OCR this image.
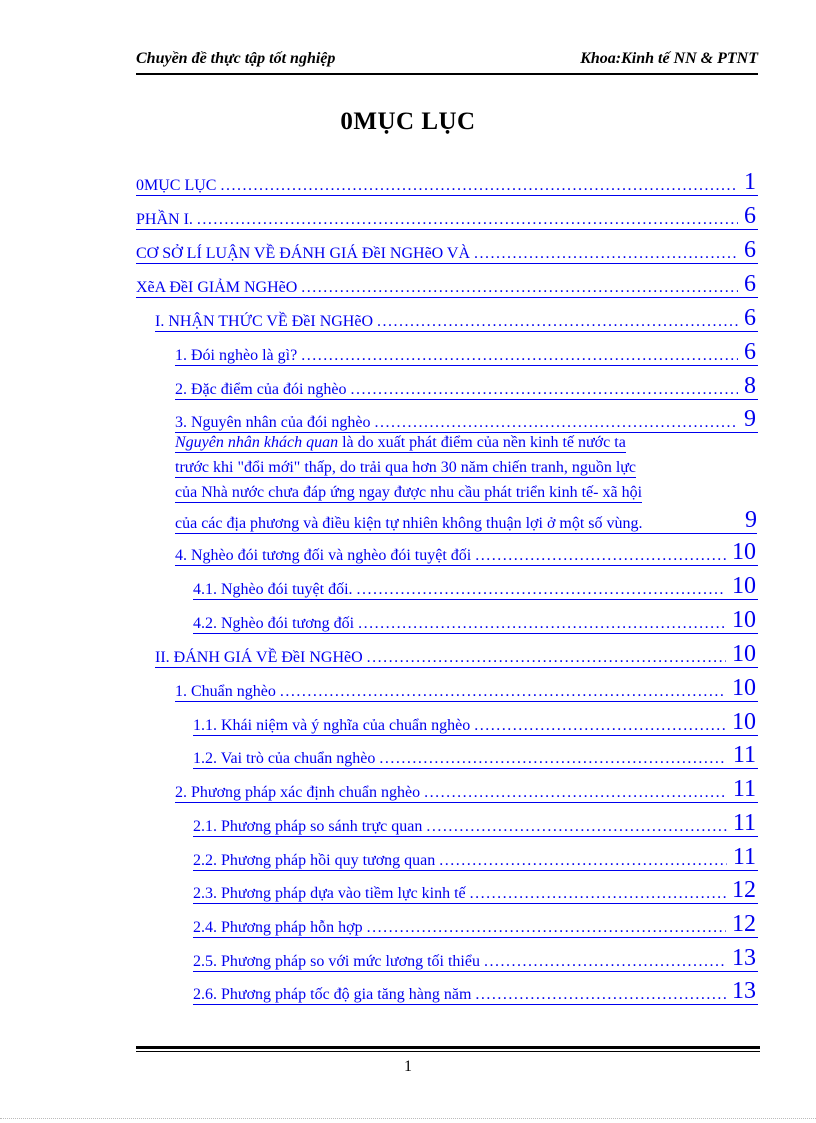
Chuyền đề thực tập tốt nghiệp	Khoa:Kinh tế NN & PTNT
0MỤC LỤC
0MỤC LỤC .....	1
PHẦN I. .....	6
CƠ SỞ LÍ LUẬN VỀ ĐÁNH GIÁ ĐềI NGHẽO VÀ .....	6
XẽA ĐềI GIẢM NGHẽO .....	6
I. NHẬN THỨC VỀ ĐềI NGHẽO .....	6
1. Đói nghèo là gì? .....	6
2. Đặc điểm của đói nghèo .....	8
3. Nguyên nhân của đói nghèo .....	9
Nguyên nhân khách quan là do xuất phát điểm của nền kinh tế nước ta
trước khi "đổi mới" thấp, do trải qua hơn 30 năm chiến tranh, nguồn lực
của Nhà nước chưa đáp ứng ngay được nhu cầu phát triển kinh tế- xã hội
của các địa phương và điều kiện tự nhiên không thuận lợi ở một số vùng.	9
4. Nghèo đói tương đối và nghèo đói tuyệt đối .....	10
4.1. Nghèo đói tuyệt đối. .....	10
4.2. Nghèo đói tương đối .....	10
II. ĐÁNH GIÁ VỀ ĐềI NGHẽO .....	10
1. Chuẩn nghèo .....	10
1.1. Khái niệm và ý nghĩa của chuẩn nghèo .....	10
1.2. Vai trò của chuẩn nghèo .....	11
2. Phương pháp xác định chuẩn nghèo .....	11
2.1. Phương pháp so sánh trực quan .....	11
2.2. Phương pháp hồi quy tương quan .....	11
2.3. Phương pháp dựa vào tiềm lực kinh tế .....	12
2.4. Phương pháp hỗn hợp .....	12
2.5. Phương pháp so với mức lương tối thiểu .....	13
2.6. Phương pháp tốc độ gia tăng hàng năm .....	13
1
